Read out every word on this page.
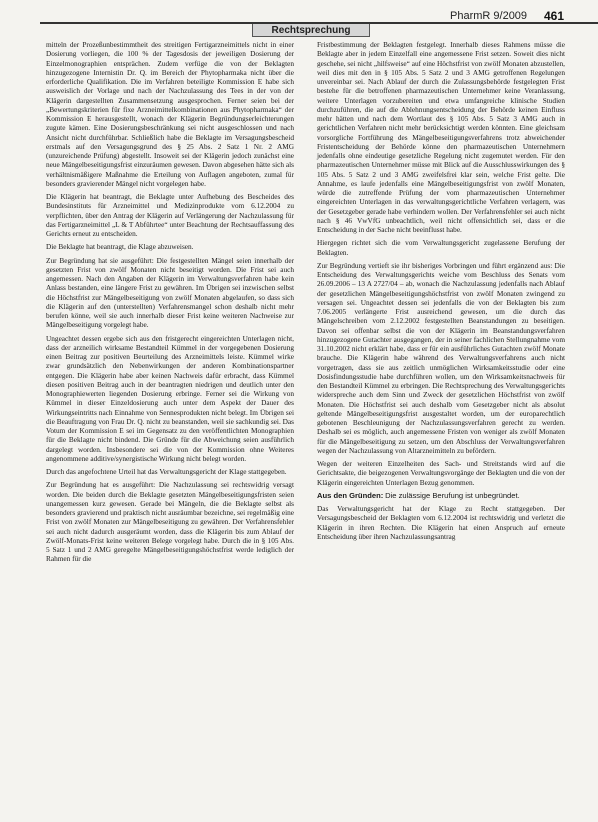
Rechtsprechung
PharmR 9/2009 461

mitteln der Prozeßunbestimmtheit des streitigen Fertigarzneimittels nicht in einer Dosierung vorliegen, die 100 % der Tagesdosis der jeweiligen Dosierung der Einzelmonographien entsprächen. Zudem verfüge die von der Beklagten hinzugezogene Internistin Dr. Q. im Bereich der Phytopharmaka nicht über die erforderliche Qualifikation. Die im Verfahren beteiligte Kommission E habe sich ausweislich der Vorlage und nach der Nachzulassung des Tees in der von der Klägerin dargestellten Zusammensetzung ausgesprochen. Ferner seien bei der „Bewertungskriterien für fixe Arzneimittelkombinationen aus Phytopharmaka“ der Kommission E herausgestellt, wonach der Klägerin Begründungserleichterungen zugute kämen. Eine Dosierungsbeschränkung sei nicht ausgeschlossen und nach Ansicht nicht durchführbar. Schließlich habe die Beklagte im Versagungsbescheid erstmals auf den Versagungsgrund des § 25 Abs. 2 Satz 1 Nr. 2 AMG (unzureichende Prüfung) abgestellt. Insoweit sei der Klägerin jedoch zunächst eine neue Mängelbeseitigungsfrist einzuräumen gewesen. Davon abgesehen hätte sich als verhältnismäßigere Maßnahme die Erteilung von Auflagen angeboten, zumal für besonders gravierender Mängel nicht vorgelegen habe.

Die Klägerin hat beantragt, die Beklagte unter Aufhebung des Bescheides des Bundesinstituts für Arzneimittel und Medizinprodukte vom 6.12.2004 zu verpflichten, über den Antrag der Klägerin auf Verlängerung der Nachzulassung für das Fertigarzneimittel „L & T Abführtee“ unter Beachtung der Rechtsauffassung des Gerichts erneut zu entscheiden.

Die Beklagte hat beantragt, die Klage abzuweisen.

Zur Begründung hat sie ausgeführt: Die festgestellten Mängel seien innerhalb der gesetzten Frist von zwölf Monaten nicht beseitigt worden. Die Frist sei auch angemessen. Nach den Angaben der Klägerin im Verwaltungsverfahren habe kein Anlass bestanden, eine längere Frist zu gewähren. Im Übrigen sei inzwischen selbst die Höchstfrist zur Mängelbeseitigung von zwölf Monaten abgelaufen, so dass sich die Klägerin auf den (unterstellten) Verfahrensmangel schon deshalb nicht mehr berufen könne, weil sie auch innerhalb dieser Frist keine weiteren Nachweise zur Mängelbeseitigung vorgelegt habe.

Ungeachtet dessen ergebe sich aus den fristgerecht eingereichten Unterlagen nicht, dass der arzneilich wirksame Bestandteil Kümmel in der vorgegebenen Dosierung einen Beitrag zur positiven Beurteilung des Arzneimittels leiste. Kümmel wirke zwar grundsätzlich den Nebenwirkungen der anderen Kombinationspartner entgegen. Die Klägerin habe aber keinen Nachweis dafür erbracht, dass Kümmel diesen positiven Beitrag auch in der beantragten niedrigen und deutlich unter den Monographiewerten liegenden Dosierung erbringe. Ferner sei die Wirkung von Kümmel in dieser Einzeldosierung auch unter dem Aspekt der Dauer des Wirkungseintritts nach Einnahme von Sennesprodukten nicht belegt. Im Übrigen sei die Beauftragung von Frau Dr. Q. nicht zu beanstanden, weil sie sachkundig sei. Das Votum der Kommission E sei im Gegensatz zu den veröffentlichten Monographien für die Beklagte nicht bindend. Die Gründe für die Abweichung seien ausführlich dargelegt worden. Insbesondere sei die von der Kommission ohne Weiteres angenommene additive/synergistische Wirkung nicht belegt worden.

Durch das angefochtene Urteil hat das Verwaltungsgericht der Klage stattgegeben.

Zur Begründung hat es ausgeführt: Die Nachzulassung sei rechtswidrig versagt worden. Die beiden durch die Beklagte gesetzten Mängelbeseitigungsfristen seien unangemessen kurz gewesen. Gerade bei Mängeln, die die Beklagte selbst als besonders gravierend und praktisch nicht ausräumbar bezeichne, sei regelmäßig eine Frist von zwölf Monaten zur Mängelbeseitigung zu gewähren. Der Verfahrensfehler sei auch nicht dadurch ausgeräumt worden, dass die Klägerin bis zum Ablauf der Zwölf-Monats-Frist keine weiteren Belege vorgelegt habe. Durch die in § 105 Abs. 5 Satz 1 und 2 AMG geregelte Mängelbeseitigungshöchstfrist werde lediglich der Rahmen für die

Fristbestimmung der Beklagten festgelegt. Innerhalb dieses Rahmens müsse die Beklagte aber in jedem Einzelfall eine angemessene Frist setzen. Soweit dies nicht geschehe, sei nicht „hilfsweise“ auf eine Höchstfrist von zwölf Monaten abzustellen, weil dies mit den in § 105 Abs. 5 Satz 2 und 3 AMG getroffenen Regelungen unvereinbar sei. Nach Ablauf der durch die Zulassungsbehörde festgelegten Frist bestehe für die betroffenen pharmazeutischen Unternehmer keine Veranlassung, weitere Unterlagen vorzubereiten und etwa umfangreiche klinische Studien durchzuführen, die auf die Ablehnungsentscheidung der Behörde keinen Einfluss mehr hätten und nach dem Wortlaut des § 105 Abs. 5 Satz 3 AMG auch in gerichtlichen Verfahren nicht mehr berücksichtigt werden könnten. Eine gleichsam vorsorgliche Fortführung des Mängelbeseitigungsverfahrens trotz abweichender Fristentscheidung der Behörde könne den pharmazeutischen Unternehmern jedenfalls ohne eindeutige gesetzliche Regelung nicht zugemutet werden. Für den pharmazeutischen Unternehmer müsse mit Blick auf die Ausschlusswirkungen des § 105 Abs. 5 Satz 2 und 3 AMG zweifelsfrei klar sein, welche Frist gelte. Die Annahme, es laufe jedenfalls eine Mängelbeseitigungsfrist von zwölf Monaten, würde die zutreffende Prüfung der vom pharmazeutischen Unternehmer eingereichten Unterlagen in das verwaltungsgerichtliche Verfahren verlagern, was der Gesetzgeber gerade habe verhindern wollen. Der Verfahrensfehler sei auch nicht nach § 46 VwVfG unbeachtlich, weil nicht offensichtlich sei, dass er die Entscheidung in der Sache nicht beeinflusst habe.

Hiergegen richtet sich die vom Verwaltungsgericht zugelassene Berufung der Beklagten.

Zur Begründung vertieft sie ihr bisheriges Vorbringen und führt ergänzend aus: Die Entscheidung des Verwaltungsgerichts weiche vom Beschluss des Senats vom 26.09.2006 – 13 A 2727/04 – ab, wonach die Nachzulassung jedenfalls nach Ablauf der gesetzlichen Mängelbeseitigungshöchstfrist von zwölf Monaten zwingend zu versagen sei. Ungeachtet dessen sei jedenfalls die von der Beklagten bis zum 7.06.2005 verlängerte Frist ausreichend gewesen, um die durch das Mängelschreiben vom 2.12.2002 festgestellten Beanstandungen zu beseitigen. Davon sei offenbar selbst die von der Klägerin im Beanstandungsverfahren hinzugezogene Gutachter ausgegangen, der in seiner fachlichen Stellungnahme vom 31.10.2002 nicht erklärt habe, dass er für ein ausführliches Gutachten zwölf Monate brauche. Die Klägerin habe während des Verwaltungsverfahrens auch nicht vorgetragen, dass sie aus zeitlich unmöglichen Wirksamkeitsstudie oder eine Dosisfindungsstudie habe durchführen wollen, um den Wirksamkeitsnachweis für den Bestandteil Kümmel zu erbringen. Die Rechtsprechung des Verwaltungsgerichts widerspreche auch dem Sinn und Zweck der gesetzlichen Höchstfrist von zwölf Monaten. Die Höchstfrist sei auch deshalb vom Gesetzgeber nicht als absolut geltende Mängelbeseitigungsfrist ausgestaltet worden, um der europarechtlich gebotenen Beschleunigung der Nachzulassungsverfahren gerecht zu werden. Deshalb sei es möglich, auch angemessene Fristen von weniger als zwölf Monaten für die Mängelbeseitigung zu setzen, um den Abschluss der Verwaltungsverfahren wegen der Nachzulassung von Altarzneimitteln zu befördern.

Wegen der weiteren Einzelheiten des Sach- und Streitstands wird auf die Gerichtsakte, die beigezogenen Verwaltungsvorgänge der Beklagten und die von der Klägerin eingereichten Unterlagen Bezug genommen.

Aus den Gründen: Die zulässige Berufung ist unbegründet.

Das Verwaltungsgericht hat der Klage zu Recht stattgegeben. Der Versagungsbescheid der Beklagten vom 6.12.2004 ist rechtswidrig und verletzt die Klägerin in ihren Rechten. Die Klägerin hat einen Anspruch auf erneute Entscheidung über ihren Nachzulassungsantrag
